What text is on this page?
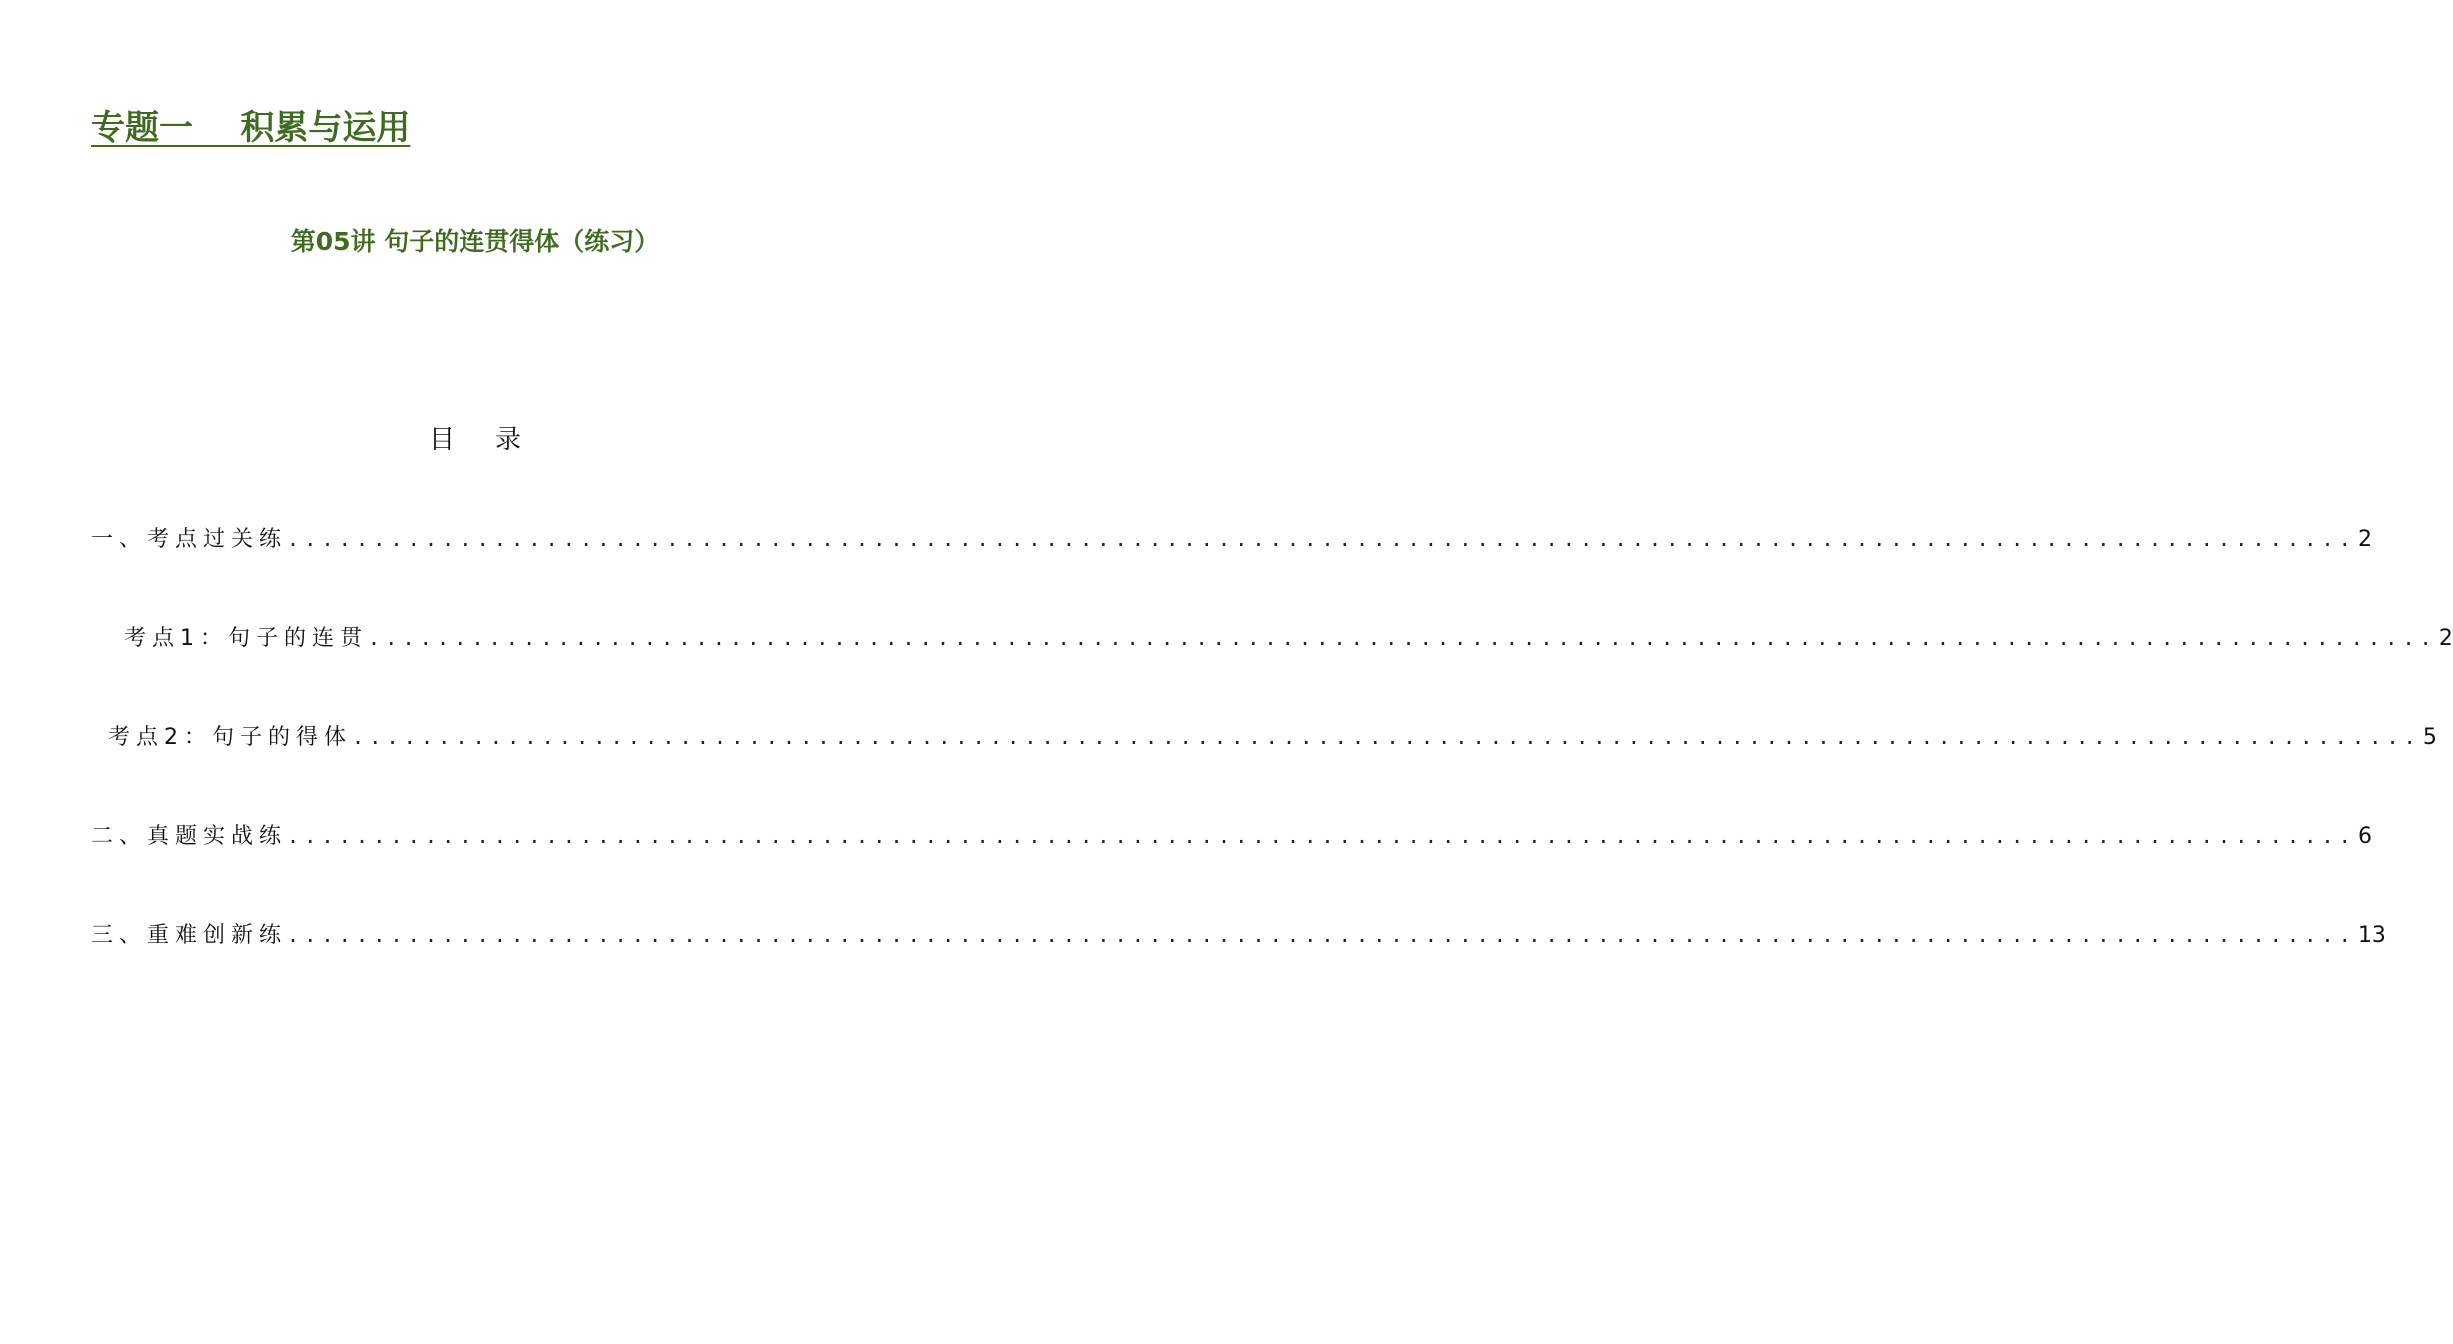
专题一    积累与运用
第05讲 句子的连贯得体（练习）
目录
一、考点过关练 ........................................................................................................................ 2
考点1：句子的连贯 ........................................................................................................................ 2
考点2：句子的得体 ........................................................................................................................ 5
二、真题实战练 ........................................................................................................................ 6
三、重难创新练 ........................................................................................................................ 13
